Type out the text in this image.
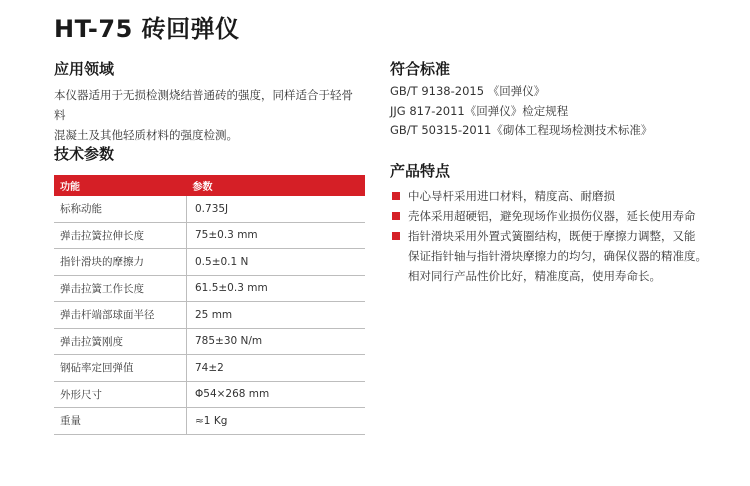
HT-75 砖回弹仪
应用领域
本仪器适用于无损检测烧结普通砖的强度，同样适合于轻骨料
混凝土及其他轻质材料的强度检测。
技术参数
功能	参数
标称动能	0.735J
弹击拉簧拉伸长度	75±0.3 mm
指针滑块的摩擦力	0.5±0.1 N
弹击拉簧工作长度	61.5±0.3 mm
弹击杆端部球面半径	25 mm
弹击拉簧刚度	785±30 N/m
钢砧率定回弹值	74±2
外形尺寸	Φ54×268 mm
重量	≈1 Kg
符合标准
GB/T 9138-2015 《回弹仪》
JJG 817-2011《回弹仪》检定规程
GB/T 50315-2011《砌体工程现场检测技术标准》
产品特点
中心导杆采用进口材料，精度高、耐磨损
壳体采用超硬铝，避免现场作业损伤仪器，延长使用寿命
指针滑块采用外置式簧圈结构，既便于摩擦力调整，又能
保证指针轴与指针滑块摩擦力的均匀，确保仪器的精准度。
相对同行产品性价比好，精准度高，使用寿命长。
